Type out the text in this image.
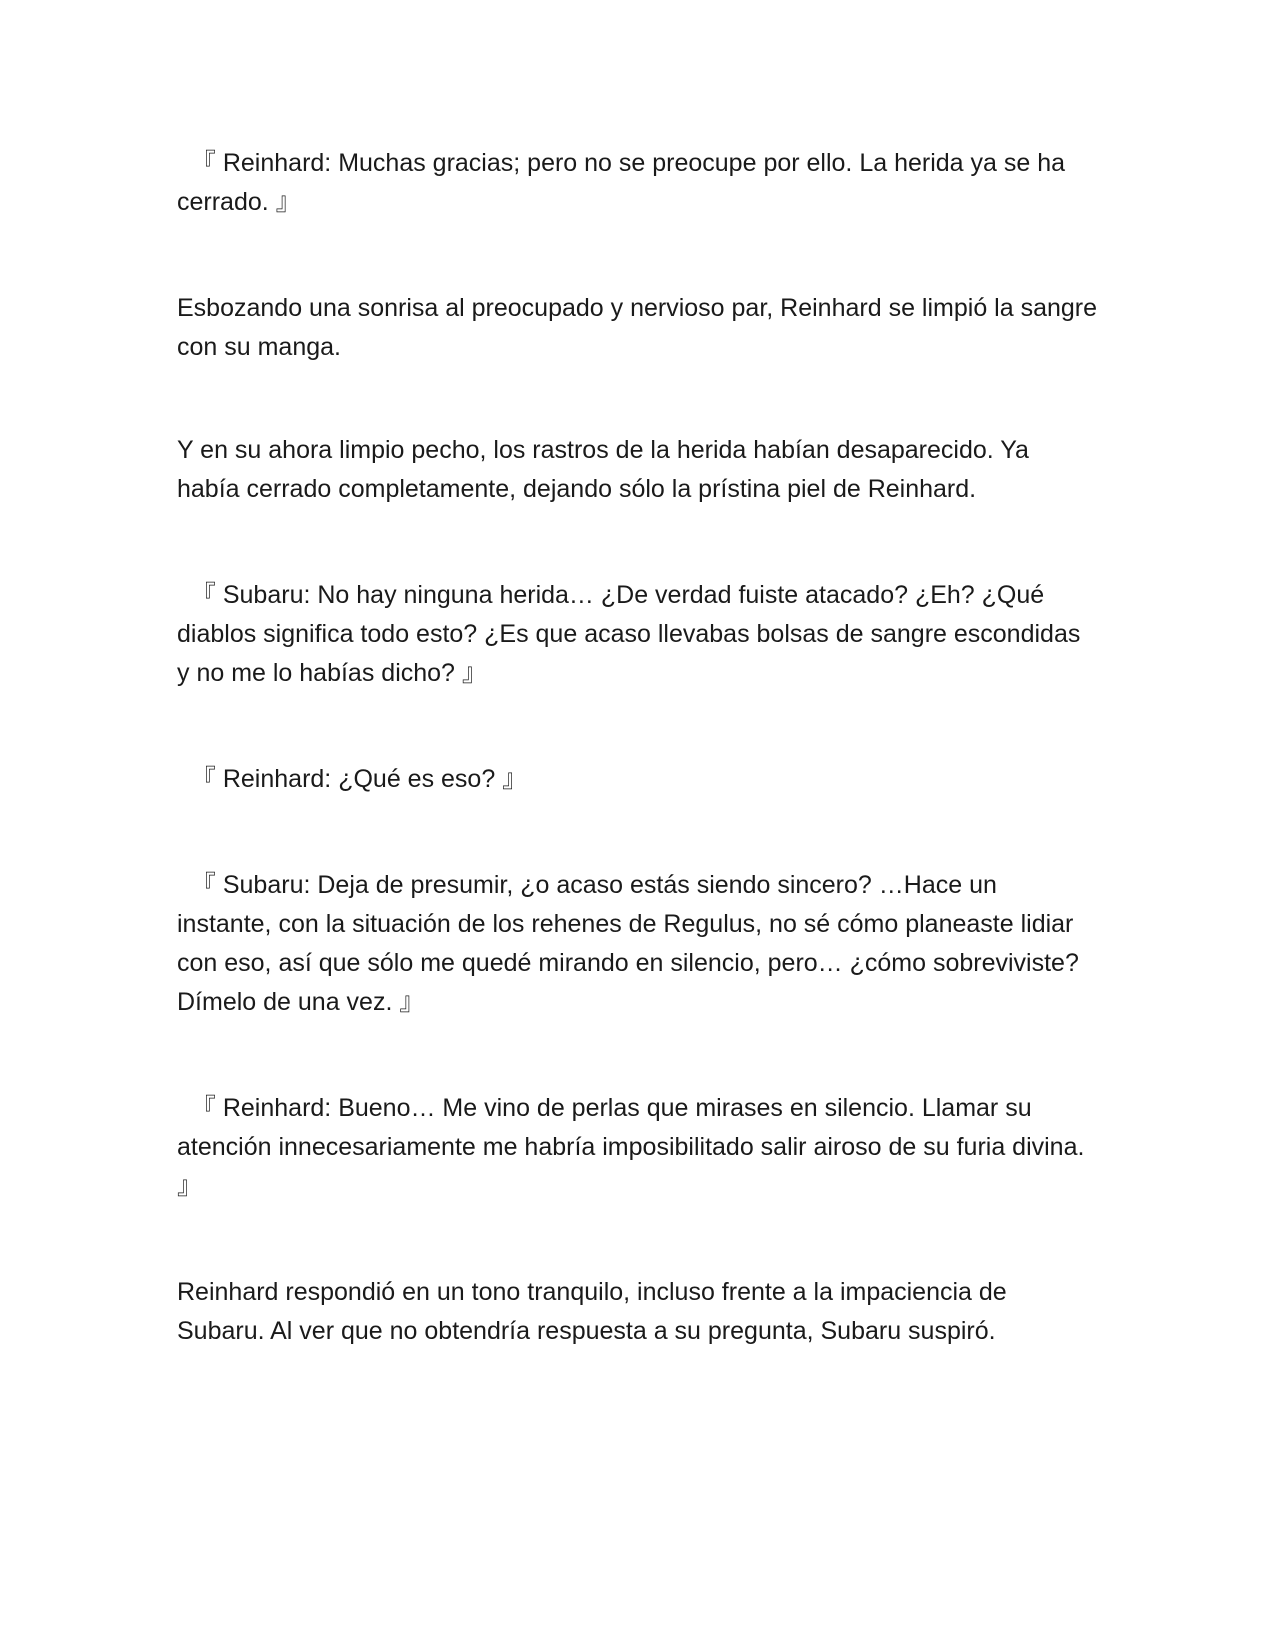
『 Reinhard: Muchas gracias; pero no se preocupe por ello. La herida ya se ha cerrado. 』

Esbozando una sonrisa al preocupado y nervioso par, Reinhard se limpió la sangre con su manga.

Y en su ahora limpio pecho, los rastros de la herida habían desaparecido. Ya había cerrado completamente, dejando sólo la prístina piel de Reinhard.

『 Subaru: No hay ninguna herida… ¿De verdad fuiste atacado? ¿Eh? ¿Qué diablos significa todo esto? ¿Es que acaso llevabas bolsas de sangre escondidas y no me lo habías dicho? 』

『 Reinhard: ¿Qué es eso? 』

『 Subaru: Deja de presumir, ¿o acaso estás siendo sincero? …Hace un instante, con la situación de los rehenes de Regulus, no sé cómo planeaste lidiar con eso, así que sólo me quedé mirando en silencio, pero… ¿cómo sobreviviste? Dímelo de una vez. 』

『 Reinhard: Bueno… Me vino de perlas que mirases en silencio. Llamar su atención innecesariamente me habría imposibilitado salir airoso de su furia divina. 』

Reinhard respondió en un tono tranquilo, incluso frente a la impaciencia de Subaru. Al ver que no obtendría respuesta a su pregunta, Subaru suspiró.
